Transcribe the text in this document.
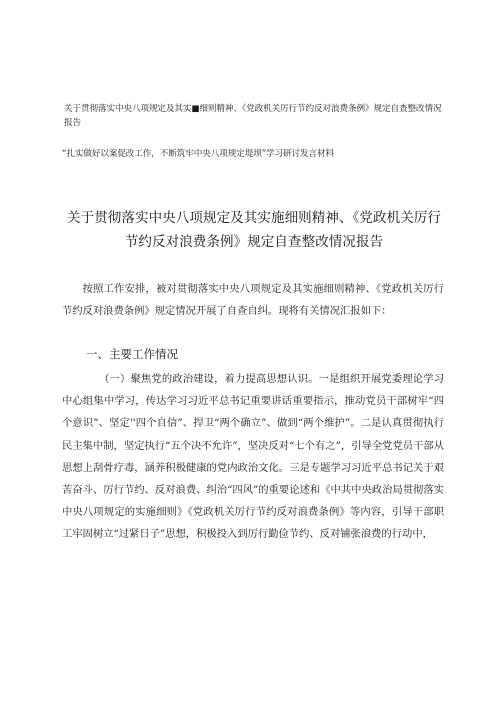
关于贯彻落实中央八项规定及其实■细则精神、《党政机关厉行节约反对浪费条例》规定自查整改情况报告
“扎实做好以案促改工作，不断筑牢中央八项规定堤坝”学习研讨发言材料
关于贯彻落实中央八项规定及其实施细则精神、《党政机关厉行节约反对浪费条例》规定自查整改情况报告
按照工作安排，被对贯彻落实中央八项规定及其实施细则精神、《党政机关厉行节约反对浪费条例》规定情况开展了自查自纠。现将有关情况汇报如下：
一、主要工作情况
（一）聚焦党的政治建设，着力提高思想认识。一是组织开展党委理论学习中心组集中学习，传达学习习近平总书记重要讲话重要指示，推动党员干部树牢“四个意识”、坚定''四个自信”、捍卫“两个确立”、做到“两个维护”。二是认真贯彻执行民主集中制，坚定执行“五个决不允许”，坚决反对“七个有之”，引导全党党员干部从思想上刮骨疗毒，涵养积极健康的党内政治文化。三是专题学习习近平总书记关于艰苦奋斗、厉行节约、反对浪费、纠治“四风”的重要论述和《中共中央政治局贯彻落实中央八项规定的实施细则》《党政机关厉行节约反对浪费条例》等内容，引导干部职工牢固树立“过紧日子”思想，积极投入到厉行勤俭节约、反对铺张浪费的行动中，
